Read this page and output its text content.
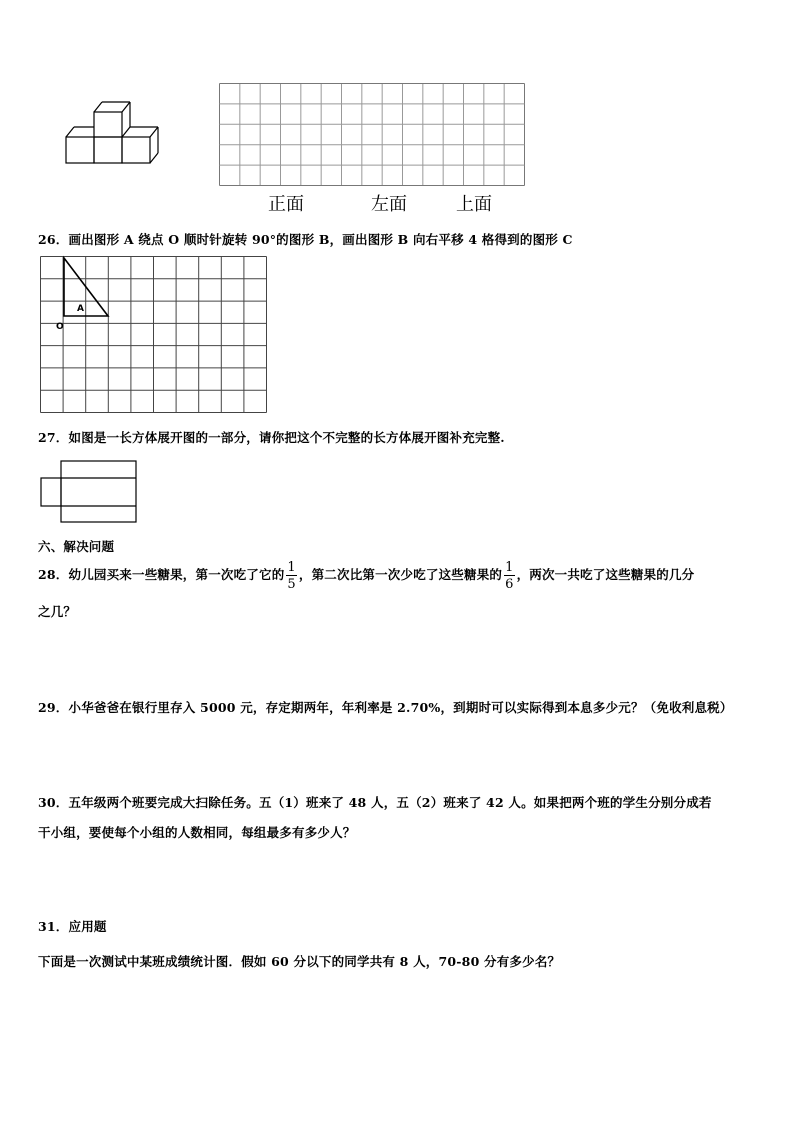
正面	左面	上面
26．画出图形 A 绕点 O 顺时针旋转 90°的图形 B，画出图形 B 向右平移 4 格得到的图形 C
A
O
27．如图是一长方体展开图的一部分，请你把这个不完整的长方体展开图补充完整.
六、解决问题
28．幼儿园买来一些糖果，第一次吃了它的 $\frac{1}{5}$ ，第二次比第一次少吃了这些糖果的 $\frac{1}{6}$ ，两次一共吃了这些糖果的几分
之几？
29．小华爸爸在银行里存入 5000 元，存定期两年，年利率是 2.70%，到期时可以实际得到本息多少元？（免收利息税）
30．五年级两个班要完成大扫除任务。五（1）班来了 48 人，五（2）班来了 42 人。如果把两个班的学生分别分成若
干小组，要使每个小组的人数相同，每组最多有多少人？
31．应用题
下面是一次测试中某班成绩统计图．假如 60 分以下的同学共有 8 人，70-80 分有多少名？
